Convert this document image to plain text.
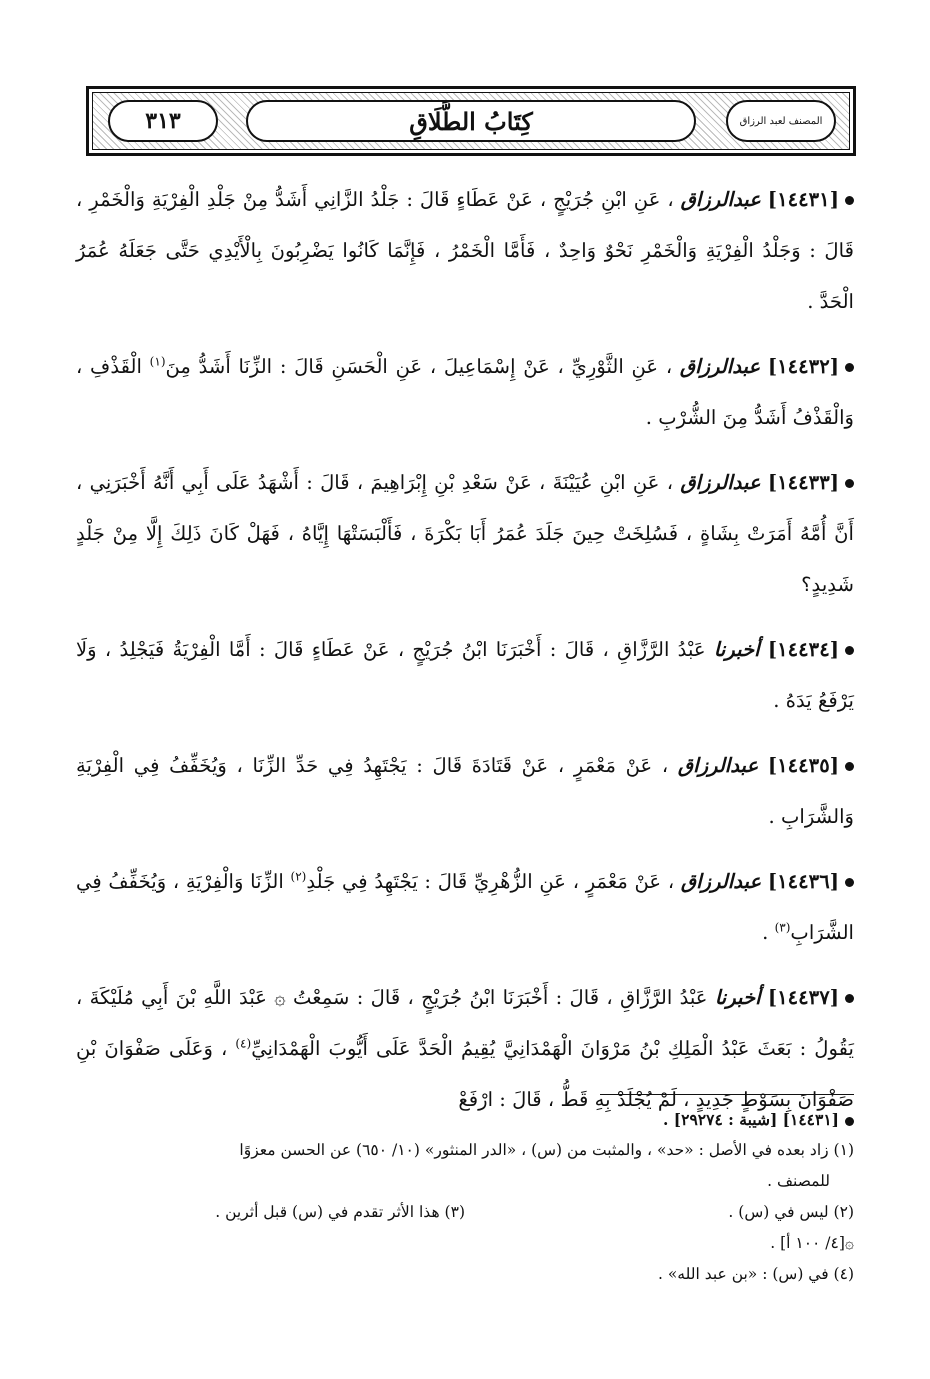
٣١٣	كِتَابُ الطَّلَاقِ	المصنف لعبد الرزاق
[١٤٤٣١] عبدالرزاق ، عَنِ ابْنِ جُرَيْجٍ ، عَنْ عَطَاءٍ قَالَ : جَلْدُ الزَّانِي أَشَدُّ مِنْ جَلْدِ الْفِرْيَةِ وَالْخَمْرِ ، قَالَ : وَجَلْدُ الْفِرْيَةِ وَالْخَمْرِ نَحْوٌ وَاحِدٌ ، فَأَمَّا الْخَمْرُ ، فَإِنَّمَا كَانُوا يَضْرِبُونَ بِالْأَيْدِي حَتَّى جَعَلَهُ عُمَرُ الْحَدَّ .
[١٤٤٣٢] عبدالرزاق ، عَنِ الثَّوْرِيِّ ، عَنْ إِسْمَاعِيلَ ، عَنِ الْحَسَنِ قَالَ : الزِّنَا أَشَدُّ مِنَ$^{(١)}$ الْقَذْفِ ، وَالْقَذْفُ أَشَدُّ مِنَ الشُّرْبِ .
[١٤٤٣٣] عبدالرزاق ، عَنِ ابْنِ عُيَيْنَةَ ، عَنْ سَعْدِ بْنِ إِبْرَاهِيمَ ، قَالَ : أَشْهَدُ عَلَى أَبِي أَنَّهُ أَخْبَرَنِي ، أَنَّ أُمَّهُ أَمَرَتْ بِشَاةٍ ، فَسُلِخَتْ حِينَ جَلَدَ عُمَرُ أَبَا بَكْرَةَ ، فَأَلْبَسَتْهَا إِيَّاهُ ، فَهَلْ كَانَ ذَلِكَ إِلَّا مِنْ جَلْدٍ شَدِيدٍ؟
[١٤٤٣٤] أخبرنا عَبْدُ الرَّزَّاقِ ، قَالَ : أَخْبَرَنَا ابْنُ جُرَيْجٍ ، عَنْ عَطَاءٍ قَالَ : أَمَّا الْفِرْيَةُ فَيَجْلِدُ ، وَلَا يَرْفَعُ يَدَهُ .
[١٤٤٣٥] عبدالرزاق ، عَنْ مَعْمَرٍ ، عَنْ قَتَادَةَ قَالَ : يَجْتَهِدُ فِي حَدِّ الزِّنَا ، وَيُخَفِّفُ فِي الْفِرْيَةِ وَالشَّرَابِ .
[١٤٤٣٦] عبدالرزاق ، عَنْ مَعْمَرٍ ، عَنِ الزُّهْرِيِّ قَالَ : يَجْتَهِدُ فِي جَلْدِ$^{(٢)}$ الزِّنَا وَالْفِرْيَةِ ، وَيُخَفِّفُ فِي الشَّرَابِ$^{(٣)}$ .
[١٤٤٣٧] أخبرنا عَبْدُ الرَّزَّاقِ ، قَالَ : أَخْبَرَنَا ابْنُ جُرَيْجٍ ، قَالَ : سَمِعْتُ ۞ عَبْدَ اللَّهِ بْنَ أَبِي مُلَيْكَةَ ، يَقُولُ : بَعَثَ عَبْدُ الْمَلِكِ بْنُ مَرْوَانَ الْهَمْدَانِيَّ يُقِيمُ الْحَدَّ عَلَى أَيُّوبَ الْهَمْدَانِيِّ$^{(٤)}$ ، وَعَلَى صَفْوَانَ بْنِ صَفْوَانَ بِسَوْطٍ جَدِيدٍ ، لَمْ يُجْلَدْ بِهِ قَطُّ ، قَالَ : ارْفَعْ
[١٤٤٣١] [شيبة : ٢٩٢٧٤] .
(١) زاد بعده في الأصل : «حد» ، والمثبت من (س) ، «الدر المنثور» (١٠/ ٦٥٠) عن الحسن معزوًا
للمصنف .
(٢) ليس في (س) .
(٣) هذا الأثر تقدم في (س) قبل أثرين .
۞[٤/ ١٠٠ أ] .
(٤) في (س) : «بن عبد الله» .
